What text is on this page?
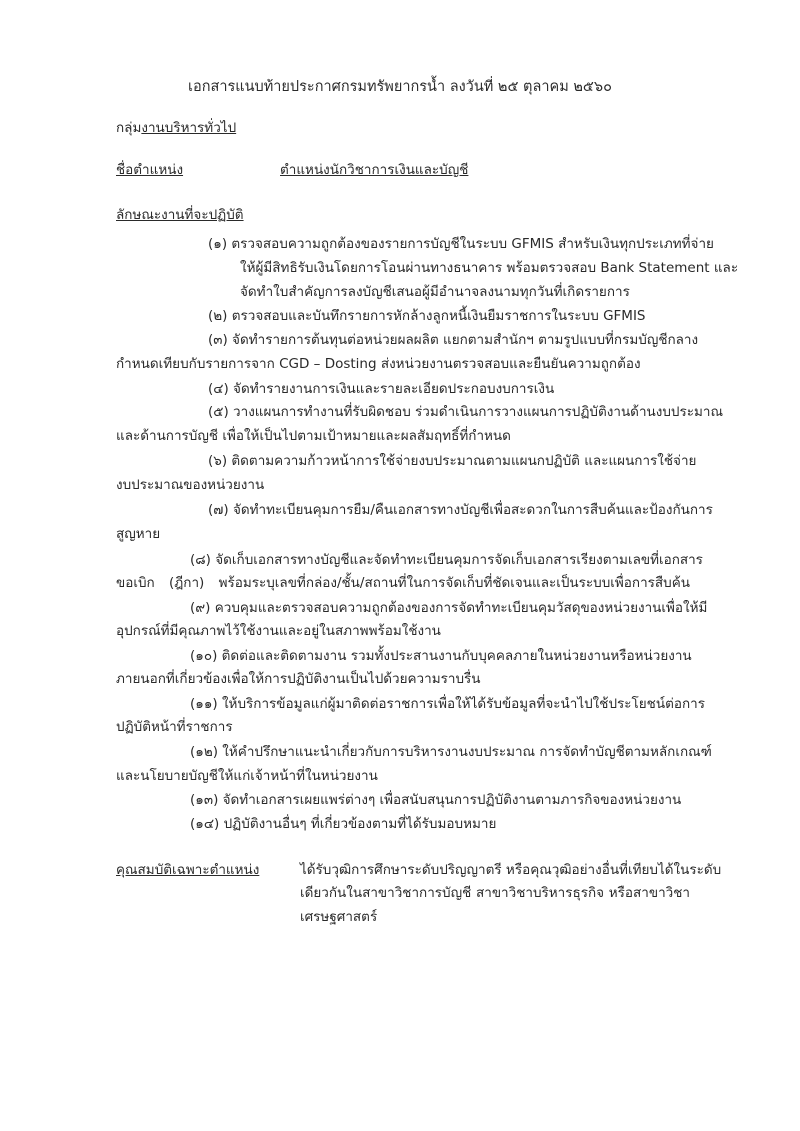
เอกสารแนบท้ายประกาศกรมทรัพยากรน้ำ ลงวันที่ ๒๕ ตุลาคม ๒๕๖๐
กลุ่มงานบริหารทั่วไป
ชื่อตำแหน่ง	ตำแหน่งนักวิชาการเงินและบัญชี
ลักษณะงานที่จะปฏิบัติ
(๑) ตรวจสอบความถูกต้องของรายการบัญชีในระบบ GFMIS สำหรับเงินทุกประเภทที่จ่าย
ให้ผู้มีสิทธิรับเงินโดยการโอนผ่านทางธนาคาร พร้อมตรวจสอบ Bank Statement และ
จัดทำใบสำคัญการลงบัญชีเสนอผู้มีอำนาจลงนามทุกวันที่เกิดรายการ
(๒) ตรวจสอบและบันทึกรายการหักล้างลูกหนี้เงินยืมราชการในระบบ GFMIS
(๓) จัดทำรายการต้นทุนต่อหน่วยผลผลิต แยกตามสำนักฯ ตามรูปแบบที่กรมบัญชีกลาง
กำหนดเทียบกับรายการจาก CGD – Dosting ส่งหน่วยงานตรวจสอบและยืนยันความถูกต้อง
(๔) จัดทำรายงานการเงินและรายละเอียดประกอบงบการเงิน
(๕) วางแผนการทำงานที่รับผิดชอบ ร่วมดำเนินการวางแผนการปฏิบัติงานด้านงบประมาณ
และด้านการบัญชี เพื่อให้เป็นไปตามเป้าหมายและผลสัมฤทธิ์ที่กำหนด
(๖) ติดตามความก้าวหน้าการใช้จ่ายงบประมาณตามแผนกปฏิบัติ และแผนการใช้จ่าย
งบประมาณของหน่วยงาน
(๗) จัดทำทะเบียนคุมการยืม/คืนเอกสารทางบัญชีเพื่อสะดวกในการสืบค้นและป้องกันการ
สูญหาย
(๘) จัดเก็บเอกสารทางบัญชีและจัดทำทะเบียนคุมการจัดเก็บเอกสารเรียงตามเลขที่เอกสาร
ขอเบิก (ฎีกา) พร้อมระบุเลขที่กล่อง/ชั้น/สถานที่ในการจัดเก็บที่ชัดเจนและเป็นระบบเพื่อการสืบค้น
(๙) ควบคุมและตรวจสอบความถูกต้องของการจัดทำทะเบียนคุมวัสดุของหน่วยงานเพื่อให้มี
อุปกรณ์ที่มีคุณภาพไว้ใช้งานและอยู่ในสภาพพร้อมใช้งาน
(๑๐) ติดต่อและติดตามงาน รวมทั้งประสานงานกับบุคคลภายในหน่วยงานหรือหน่วยงาน
ภายนอกที่เกี่ยวข้องเพื่อให้การปฏิบัติงานเป็นไปด้วยความราบรื่น
(๑๑) ให้บริการข้อมูลแก่ผู้มาติดต่อราชการเพื่อให้ได้รับข้อมูลที่จะนำไปใช้ประโยชน์ต่อการ
ปฏิบัติหน้าที่ราชการ
(๑๒) ให้คำปรึกษาแนะนำเกี่ยวกับการบริหารงานงบประมาณ การจัดทำบัญชีตามหลักเกณฑ์
และนโยบายบัญชีให้แก่เจ้าหน้าที่ในหน่วยงาน
(๑๓) จัดทำเอกสารเผยแพร่ต่างๆ เพื่อสนับสนุนการปฏิบัติงานตามภารกิจของหน่วยงาน
(๑๔) ปฏิบัติงานอื่นๆ ที่เกี่ยวข้องตามที่ได้รับมอบหมาย
คุณสมบัติเฉพาะตำแหน่ง	ได้รับวุฒิการศึกษาระดับปริญญาตรี หรือคุณวุฒิอย่างอื่นที่เทียบได้ในระดับ
เดียวกันในสาขาวิชาการบัญชี สาขาวิชาบริหารธุรกิจ หรือสาขาวิชา
เศรษฐศาสตร์
